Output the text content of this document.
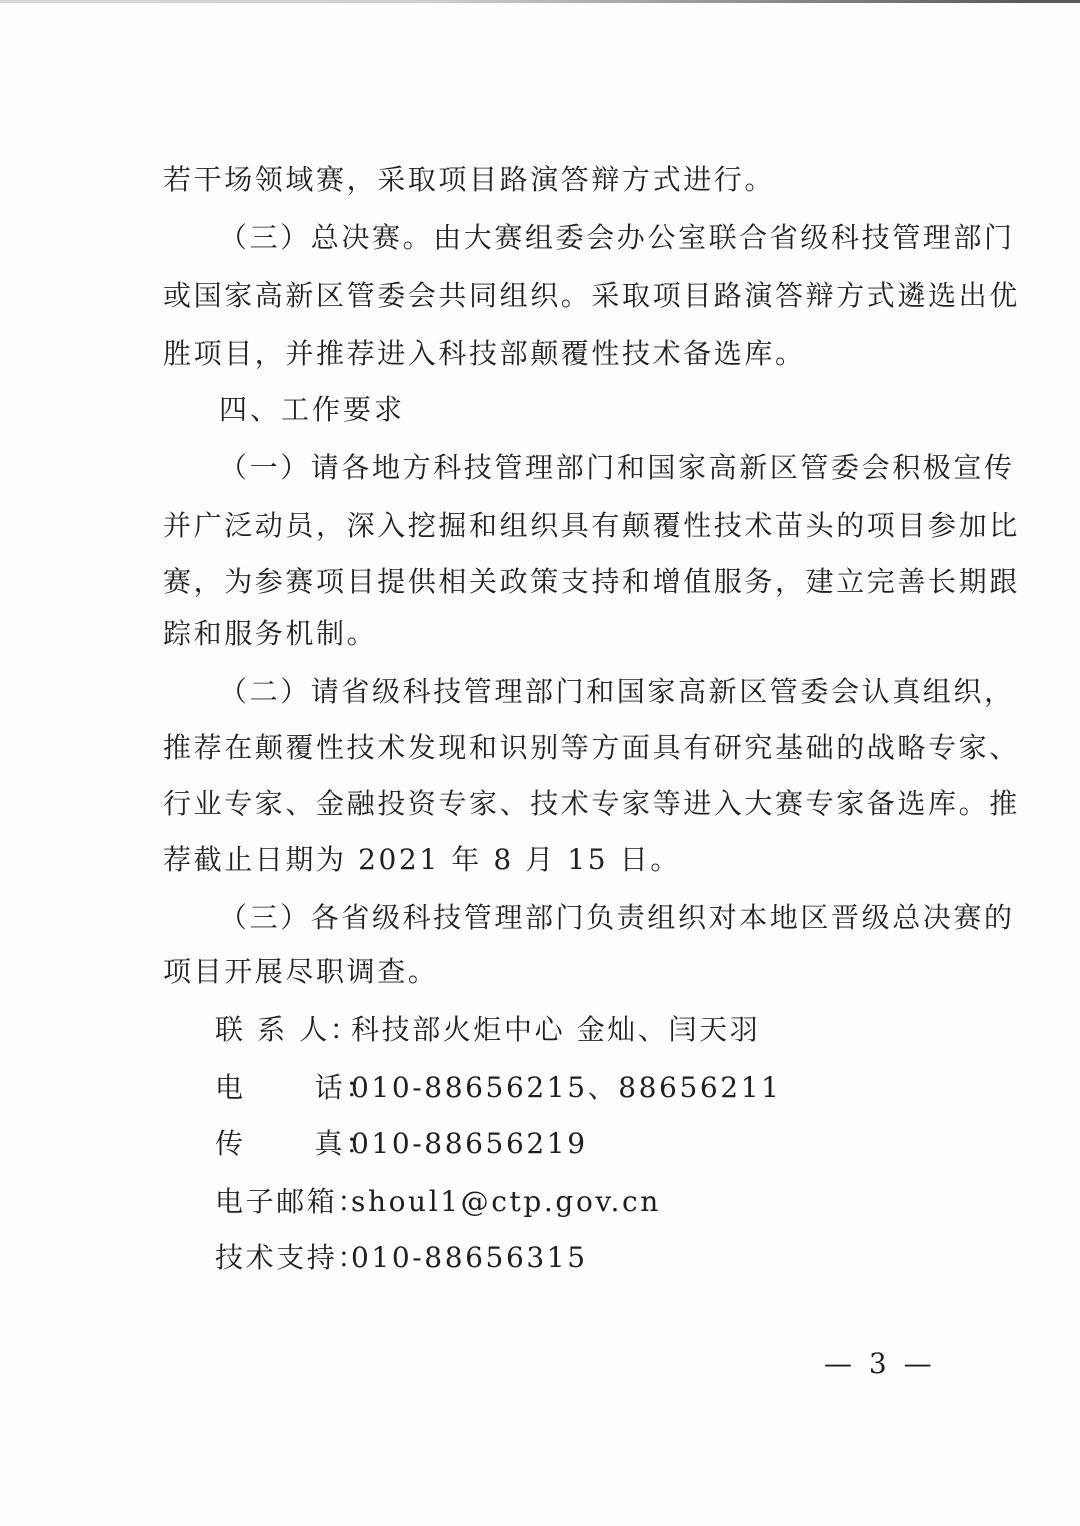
若干场领域赛，采取项目路演答辩方式进行。

（三）总决赛。由大赛组委会办公室联合省级科技管理部门

或国家高新区管委会共同组织。采取项目路演答辩方式遴选出优

胜项目，并推荐进入科技部颠覆性技术备选库。

四、工作要求

（一）请各地方科技管理部门和国家高新区管委会积极宣传

并广泛动员，深入挖掘和组织具有颠覆性技术苗头的项目参加比

赛，为参赛项目提供相关政策支持和增值服务，建立完善长期跟

踪和服务机制。

（二）请省级科技管理部门和国家高新区管委会认真组织，

推荐在颠覆性技术发现和识别等方面具有研究基础的战略专家、

行业专家、金融投资专家、技术专家等进入大赛专家备选库。推

荐截止日期为 2021 年 8 月 15 日。

（三）各省级科技管理部门负责组织对本地区晋级总决赛的

项目开展尽职调查。

联 系 人：科技部火炬中心 金灿、闫天羽
电      话：010-88656215、88656211
传      真：010-88656219
电子邮箱：shoul1@ctp.gov.cn
技术支持：010-88656315

— 3 —
